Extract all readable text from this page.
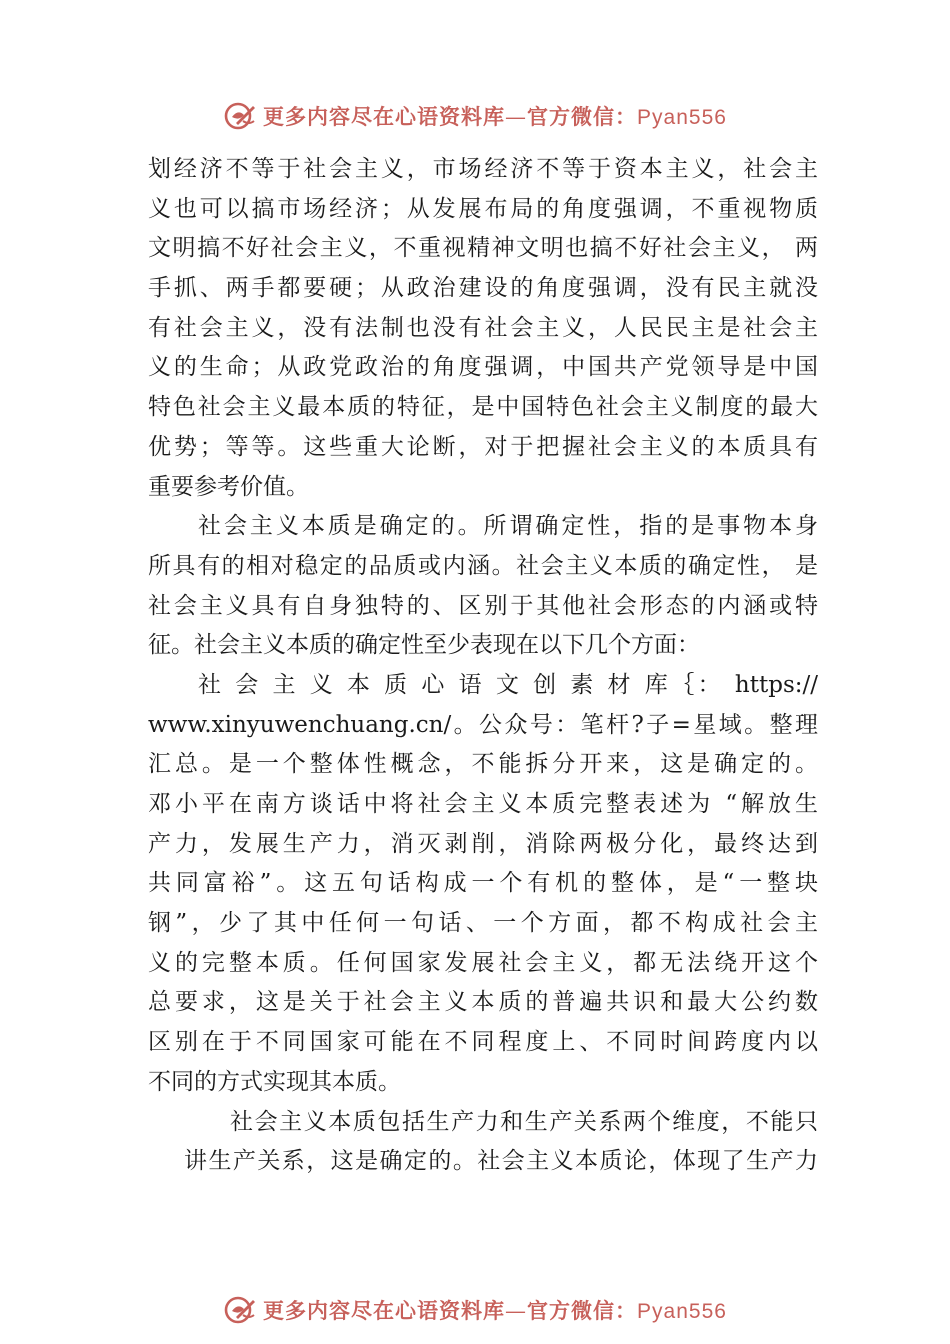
更多内容尽在心语资料库—官方微信：Pyan556
划经济不等于社会主义，市场经济不等于资本主义，社会主
义也可以搞市场经济；从发展布局的角度强调，不重视物质
文明搞不好社会主义，不重视精神文明也搞不好社会主义， 两
手抓、两手都要硬；从政治建设的角度强调，没有民主就没
有社会主义，没有法制也没有社会主义，人民民主是社会主
义的生命；从政党政治的角度强调，中国共产党领导是中国
特色社会主义最本质的特征，是中国特色社会主义制度的最大
优势；等等。这些重大论断，对于把握社会主义的本质具有
重要参考价值。
社会主义本质是确定的。所谓确定性，指的是事物本身
所具有的相对稳定的品质或内涵。社会主义本质的确定性， 是
社会主义具有自身独特的、区别于其他社会形态的内涵或特
征。社会主义本质的确定性至少表现在以下几个方面：
社 会 主 义 本 质 心 语 文 创 素 材 库｛： https://
www.xinyuwenchuang.cn/。公众号：笔杆?子=星域。整理
汇总。是一个整体性概念，不能拆分开来，这是确定的。
邓小平在南方谈话中将社会主义本质完整表述为 “解放生
产力，发展生产力，消灭剥削，消除两极分化，最终达到
共同富裕”。这五句话构成一个有机的整体，是“一整块
钢”，少了其中任何一句话、一个方面，都不构成社会主
义的完整本质。任何国家发展社会主义，都无法绕开这个
总要求，这是关于社会主义本质的普遍共识和最大公约数
区别在于不同国家可能在不同程度上、不同时间跨度内以
不同的方式实现其本质。
社会主义本质包括生产力和生产关系两个维度，不能只
讲生产关系，这是确定的。社会主义本质论，体现了生产力
更多内容尽在心语资料库—官方微信：Pyan556
